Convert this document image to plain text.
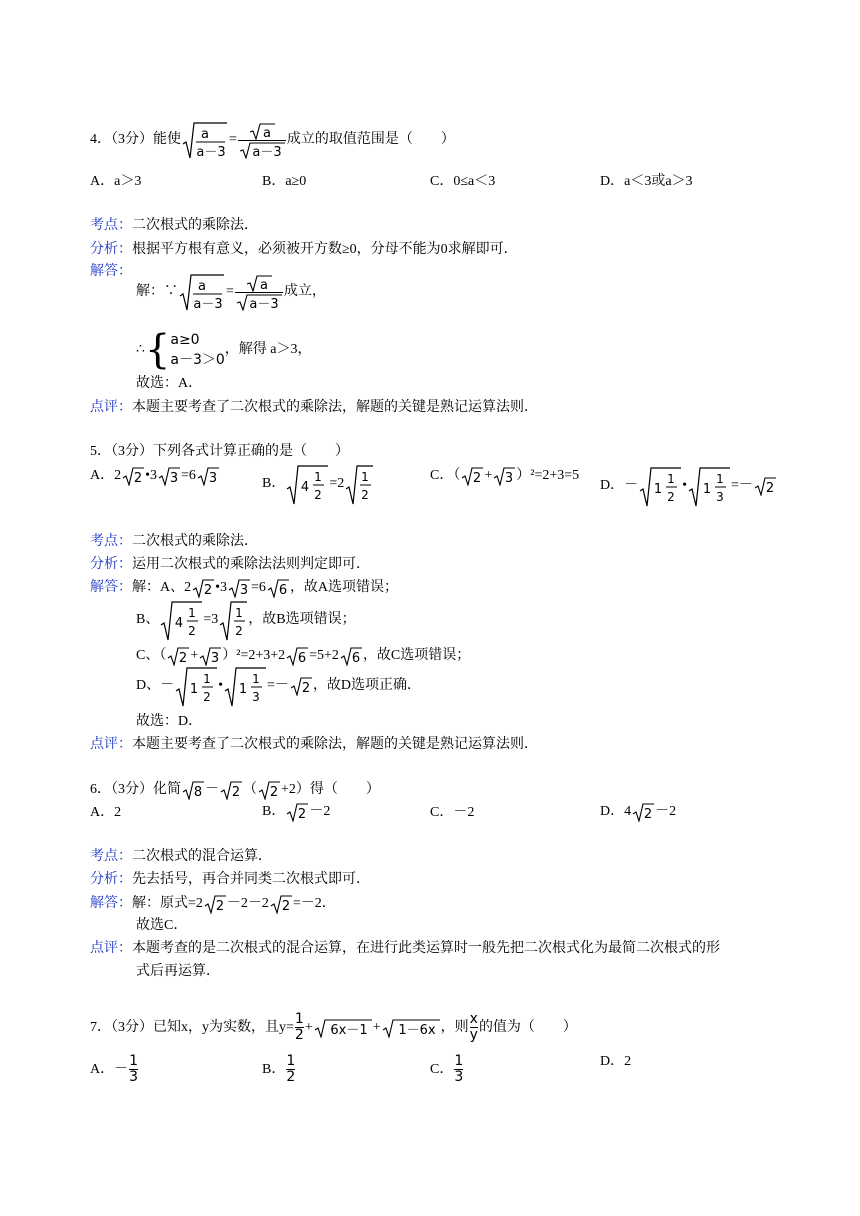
4．（3分）能使 a
a－3
= $\frac{a}{a-3}$ 成立的取值范围是（　　）
A．a＞3	B．a≥0	C．0≤a＜3	D．a＜3或a＞3
考点：二次根式的乘除法．
分析：根据平方根有意义，必须被开方数≥0，分母不能为0求解即可．
解答：
解：∵ a
a－3
= $\frac{a}{a-3}$ 成立，
∴{ a≥0
a－3＞0
，解得 a＞3，
故选：A．
点评：本题主要考查了二次根式的乘除法，解题的关键是熟记运算法则．
5．（3分）下列各式计算正确的是（　　）
A．2 2 •3 3 =6 3	B． 4
1
2
=2 1
2
C．（ 2 + 3 ）²=2+3=5
D．－ 1
1
2
• 1
1
3
=－ 2
考点：二次根式的乘除法．
分析：运用二次根式的乘除法法则判定即可．
解答：解：A、2 2 •3 3 =6 6 ，故A选项错误；
B、 4
1
2
=3 1
2
，故B选项错误；
C、（ 2 + 3 ）²=2+3+2 6 =5+2 6 ，故C选项错误；
D、－ 1
1
2
• 1
1
3
=－ 2 ，故D选项正确．
故选：D．
点评：本题主要考查了二次根式的乘除法，解题的关键是熟记运算法则．
6．（3分）化简 8 － 2 （ 2 +2）得（　　）
A．2	B． 2 －2	C．－2	D．4 2 －2
考点：二次根式的混合运算．
分析：先去括号，再合并同类二次根式即可．
解答：解：原式=2 2 －2－2 2 =－2．
故选C．
点评：本题考查的是二次根式的混合运算，在进行此类运算时一般先把二次根式化为最简二次根式的形
式后再运算．
7．（3分）已知x，y为实数，且$y= \frac{1}{2} + 6x-1 + 1-6x$ ，则 $\frac{x}{y}$ 的值为（　　）
A．－ $\frac{1}{3}$	B． $\frac{1}{2}$	C． $\frac{1}{3}$	D．2
